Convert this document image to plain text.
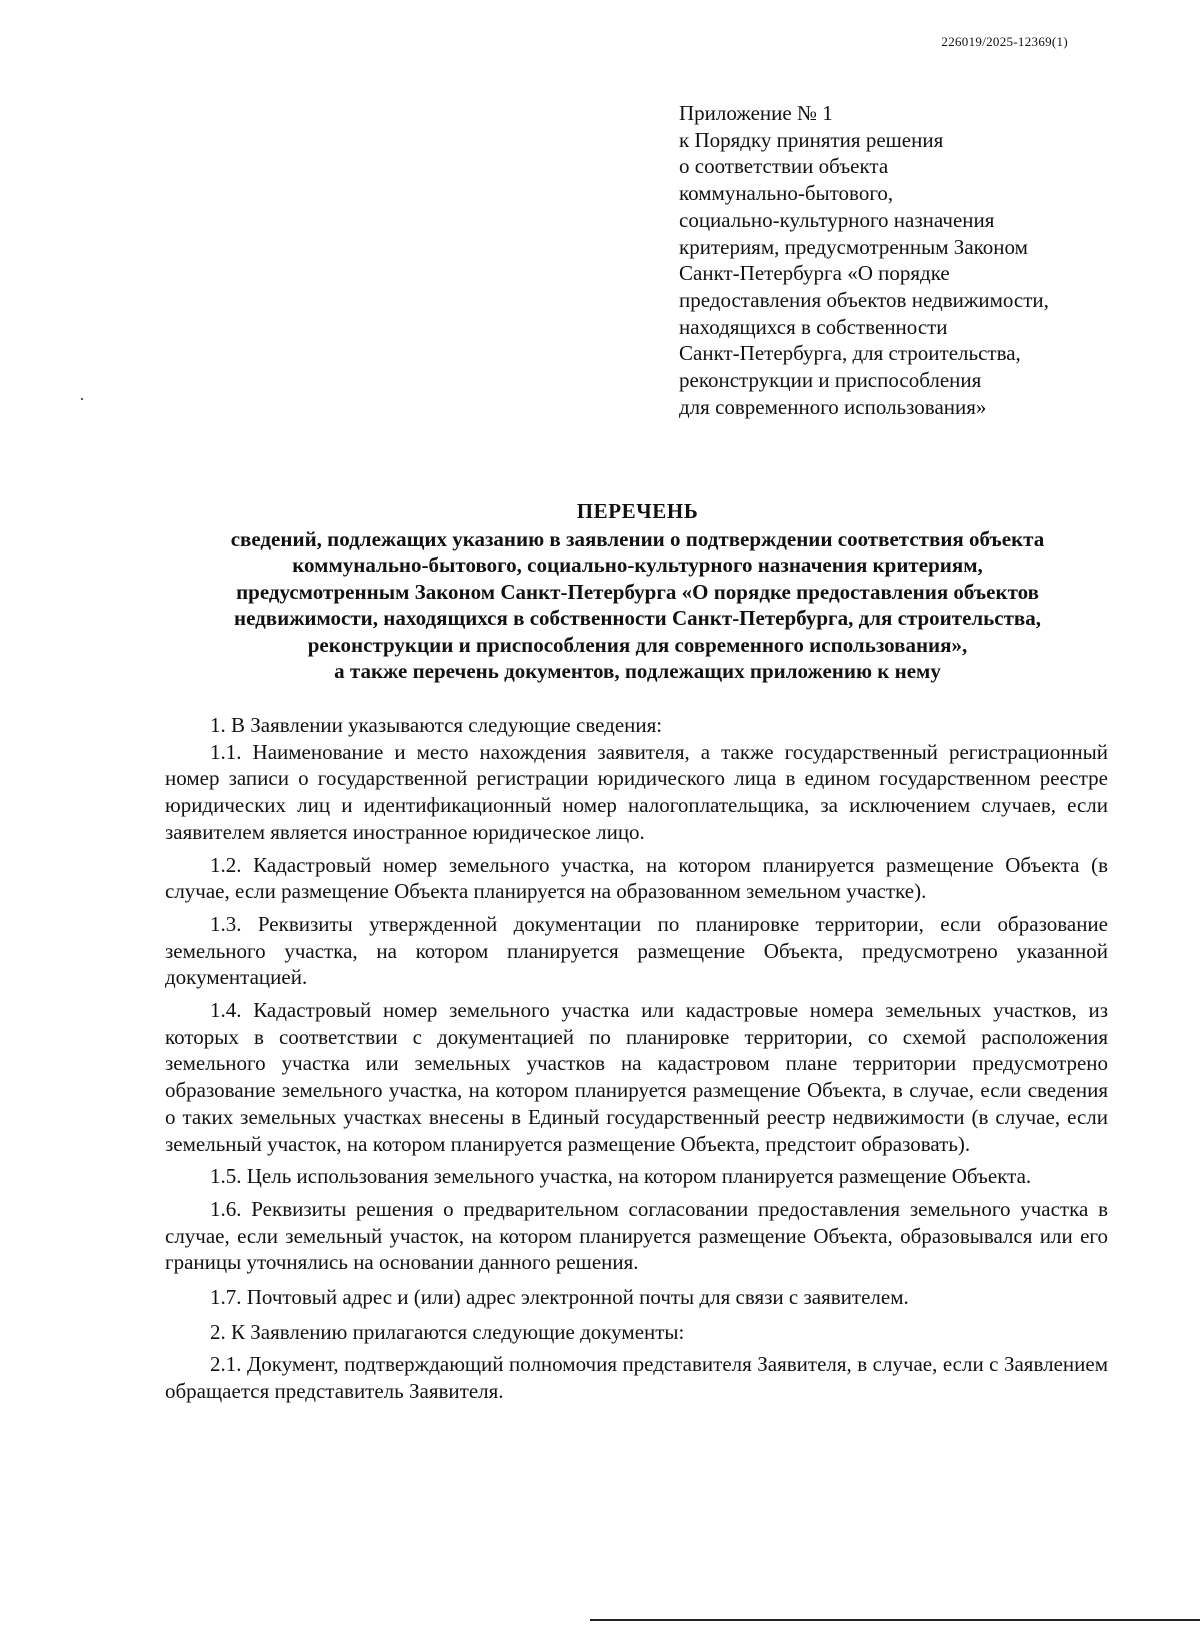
226019/2025-12369(1)
Приложение № 1
к Порядку принятия решения
о соответствии объекта
коммунально-бытового,
социально-культурного назначения
критериям, предусмотренным Законом
Санкт-Петербурга «О порядке
предоставления объектов недвижимости,
находящихся в собственности
Санкт-Петербурга, для строительства,
реконструкции и приспособления
для современного использования»
ПЕРЕЧЕНЬ
сведений, подлежащих указанию в заявлении о подтверждении соответствия объекта
коммунально-бытового, социально-культурного назначения критериям,
предусмотренным Законом Санкт-Петербурга «О порядке предоставления объектов
недвижимости, находящихся в собственности Санкт-Петербурга, для строительства,
реконструкции и приспособления для современного использования»,
а также перечень документов, подлежащих приложению к нему

1. В Заявлении указываются следующие сведения:

1.1. Наименование и место нахождения заявителя, а также государственный регистрационный номер записи о государственной регистрации юридического лица в едином государственном реестре юридических лиц и идентификационный номер налогоплательщика, за исключением случаев, если заявителем является иностранное юридическое лицо.

1.2. Кадастровый номер земельного участка, на котором планируется размещение Объекта (в случае, если размещение Объекта планируется на образованном земельном участке).

1.3. Реквизиты утвержденной документации по планировке территории, если образование земельного участка, на котором планируется размещение Объекта, предусмотрено указанной документацией.

1.4. Кадастровый номер земельного участка или кадастровые номера земельных участков, из которых в соответствии с документацией по планировке территории, со схемой расположения земельного участка или земельных участков на кадастровом плане территории предусмотрено образование земельного участка, на котором планируется размещение Объекта, в случае, если сведения о таких земельных участках внесены в Единый государственный реестр недвижимости (в случае, если земельный участок, на котором планируется размещение Объекта, предстоит образовать).

1.5. Цель использования земельного участка, на котором планируется размещение Объекта.

1.6. Реквизиты решения о предварительном согласовании предоставления земельного участка в случае, если земельный участок, на котором планируется размещение Объекта, образовывался или его границы уточнялись на основании данного решения.

1.7. Почтовый адрес и (или) адрес электронной почты для связи с заявителем.

2. К Заявлению прилагаются следующие документы:

2.1. Документ, подтверждающий полномочия представителя Заявителя, в случае, если с Заявлением обращается представитель Заявителя.
